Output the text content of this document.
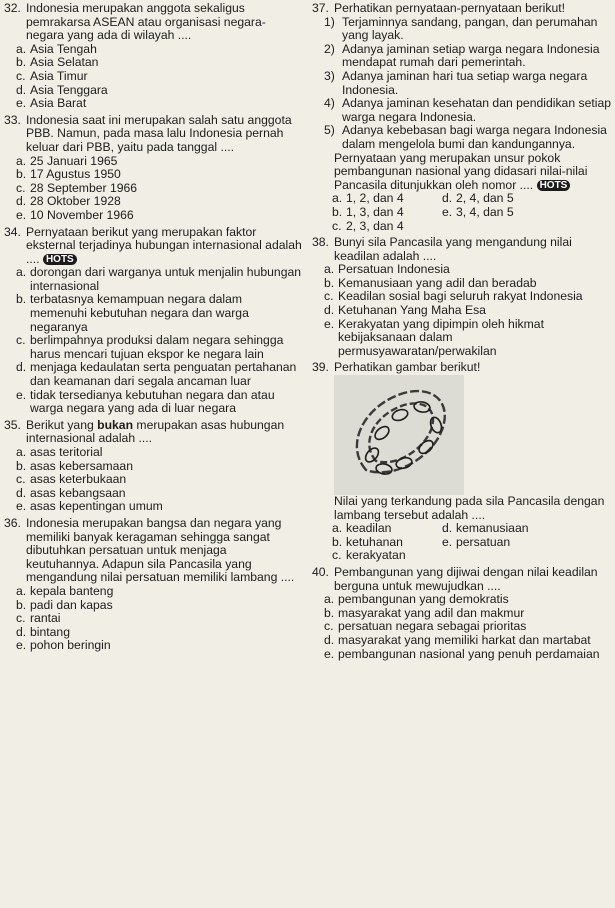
32. Indonesia merupakan anggota sekaligus pemrakarsa ASEAN atau organisasi negara-negara yang ada di wilayah ....
a. Asia Tengah
b. Asia Selatan
c. Asia Timur
d. Asia Tenggara
e. Asia Barat
33. Indonesia saat ini merupakan salah satu anggota PBB. Namun, pada masa lalu Indonesia pernah keluar dari PBB, yaitu pada tanggal ....
a. 25 Januari 1965
b. 17 Agustus 1950
c. 28 September 1966
d. 28 Oktober 1928
e. 10 November 1966
34. Pernyataan berikut yang merupakan faktor eksternal terjadinya hubungan internasional adalah .... HOTS
a. dorongan dari warganya untuk menjalin hubungan internasional
b. terbatasnya kemampuan negara dalam memenuhi kebutuhan negara dan warga negaranya
c. berlimpahnya produksi dalam negara sehingga harus mencari tujuan ekspor ke negara lain
d. menjaga kedaulatan serta penguatan pertahanan dan keamanan dari segala ancaman luar
e. tidak tersedianya kebutuhan negara dan atau warga negara yang ada di luar negara
35. Berikut yang bukan merupakan asas hubungan internasional adalah ....
a. asas teritorial
b. asas kebersamaan
c. asas keterbukaan
d. asas kebangsaan
e. asas kepentingan umum
36. Indonesia merupakan bangsa dan negara yang memiliki banyak keragaman sehingga sangat dibutuhkan persatuan untuk menjaga keutuhannya. Adapun sila Pancasila yang mengandung nilai persatuan memiliki lambang ....
a. kepala banteng
b. padi dan kapas
c. rantai
d. bintang
e. pohon beringin
37. Perhatikan pernyataan-pernyataan berikut!
1) Terjaminnya sandang, pangan, dan perumahan yang layak.
2) Adanya jaminan setiap warga negara Indonesia mendapat rumah dari pemerintah.
3) Adanya jaminan hari tua setiap warga negara Indonesia.
4) Adanya jaminan kesehatan dan pendidikan setiap warga negara Indonesia.
5) Adanya kebebasan bagi warga negara Indonesia dalam mengelola bumi dan kandungannya.
Pernyataan yang merupakan unsur pokok pembangunan nasional yang didasari nilai-nilai Pancasila ditunjukkan oleh nomor .... HOTS
a. 1, 2, dan 4	d. 2, 4, dan 5
b. 1, 3, dan 4	e. 3, 4, dan 5
c. 2, 3, dan 4
38. Bunyi sila Pancasila yang mengandung nilai keadilan adalah ....
a. Persatuan Indonesia
b. Kemanusiaan yang adil dan beradab
c. Keadilan sosial bagi seluruh rakyat Indonesia
d. Ketuhanan Yang Maha Esa
e. Kerakyatan yang dipimpin oleh hikmat kebijaksanaan dalam permusyawaratan/perwakilan
39. Perhatikan gambar berikut!
Nilai yang terkandung pada sila Pancasila dengan lambang tersebut adalah ....
a. keadilan	d. kemanusiaan
b. ketuhanan	e. persatuan
c. kerakyatan
40. Pembangunan yang dijiwai dengan nilai keadilan berguna untuk mewujudkan ....
a. pembangunan yang demokratis
b. masyarakat yang adil dan makmur
c. persatuan negara sebagai prioritas
d. masyarakat yang memiliki harkat dan martabat
e. pembangunan nasional yang penuh perdamaian
